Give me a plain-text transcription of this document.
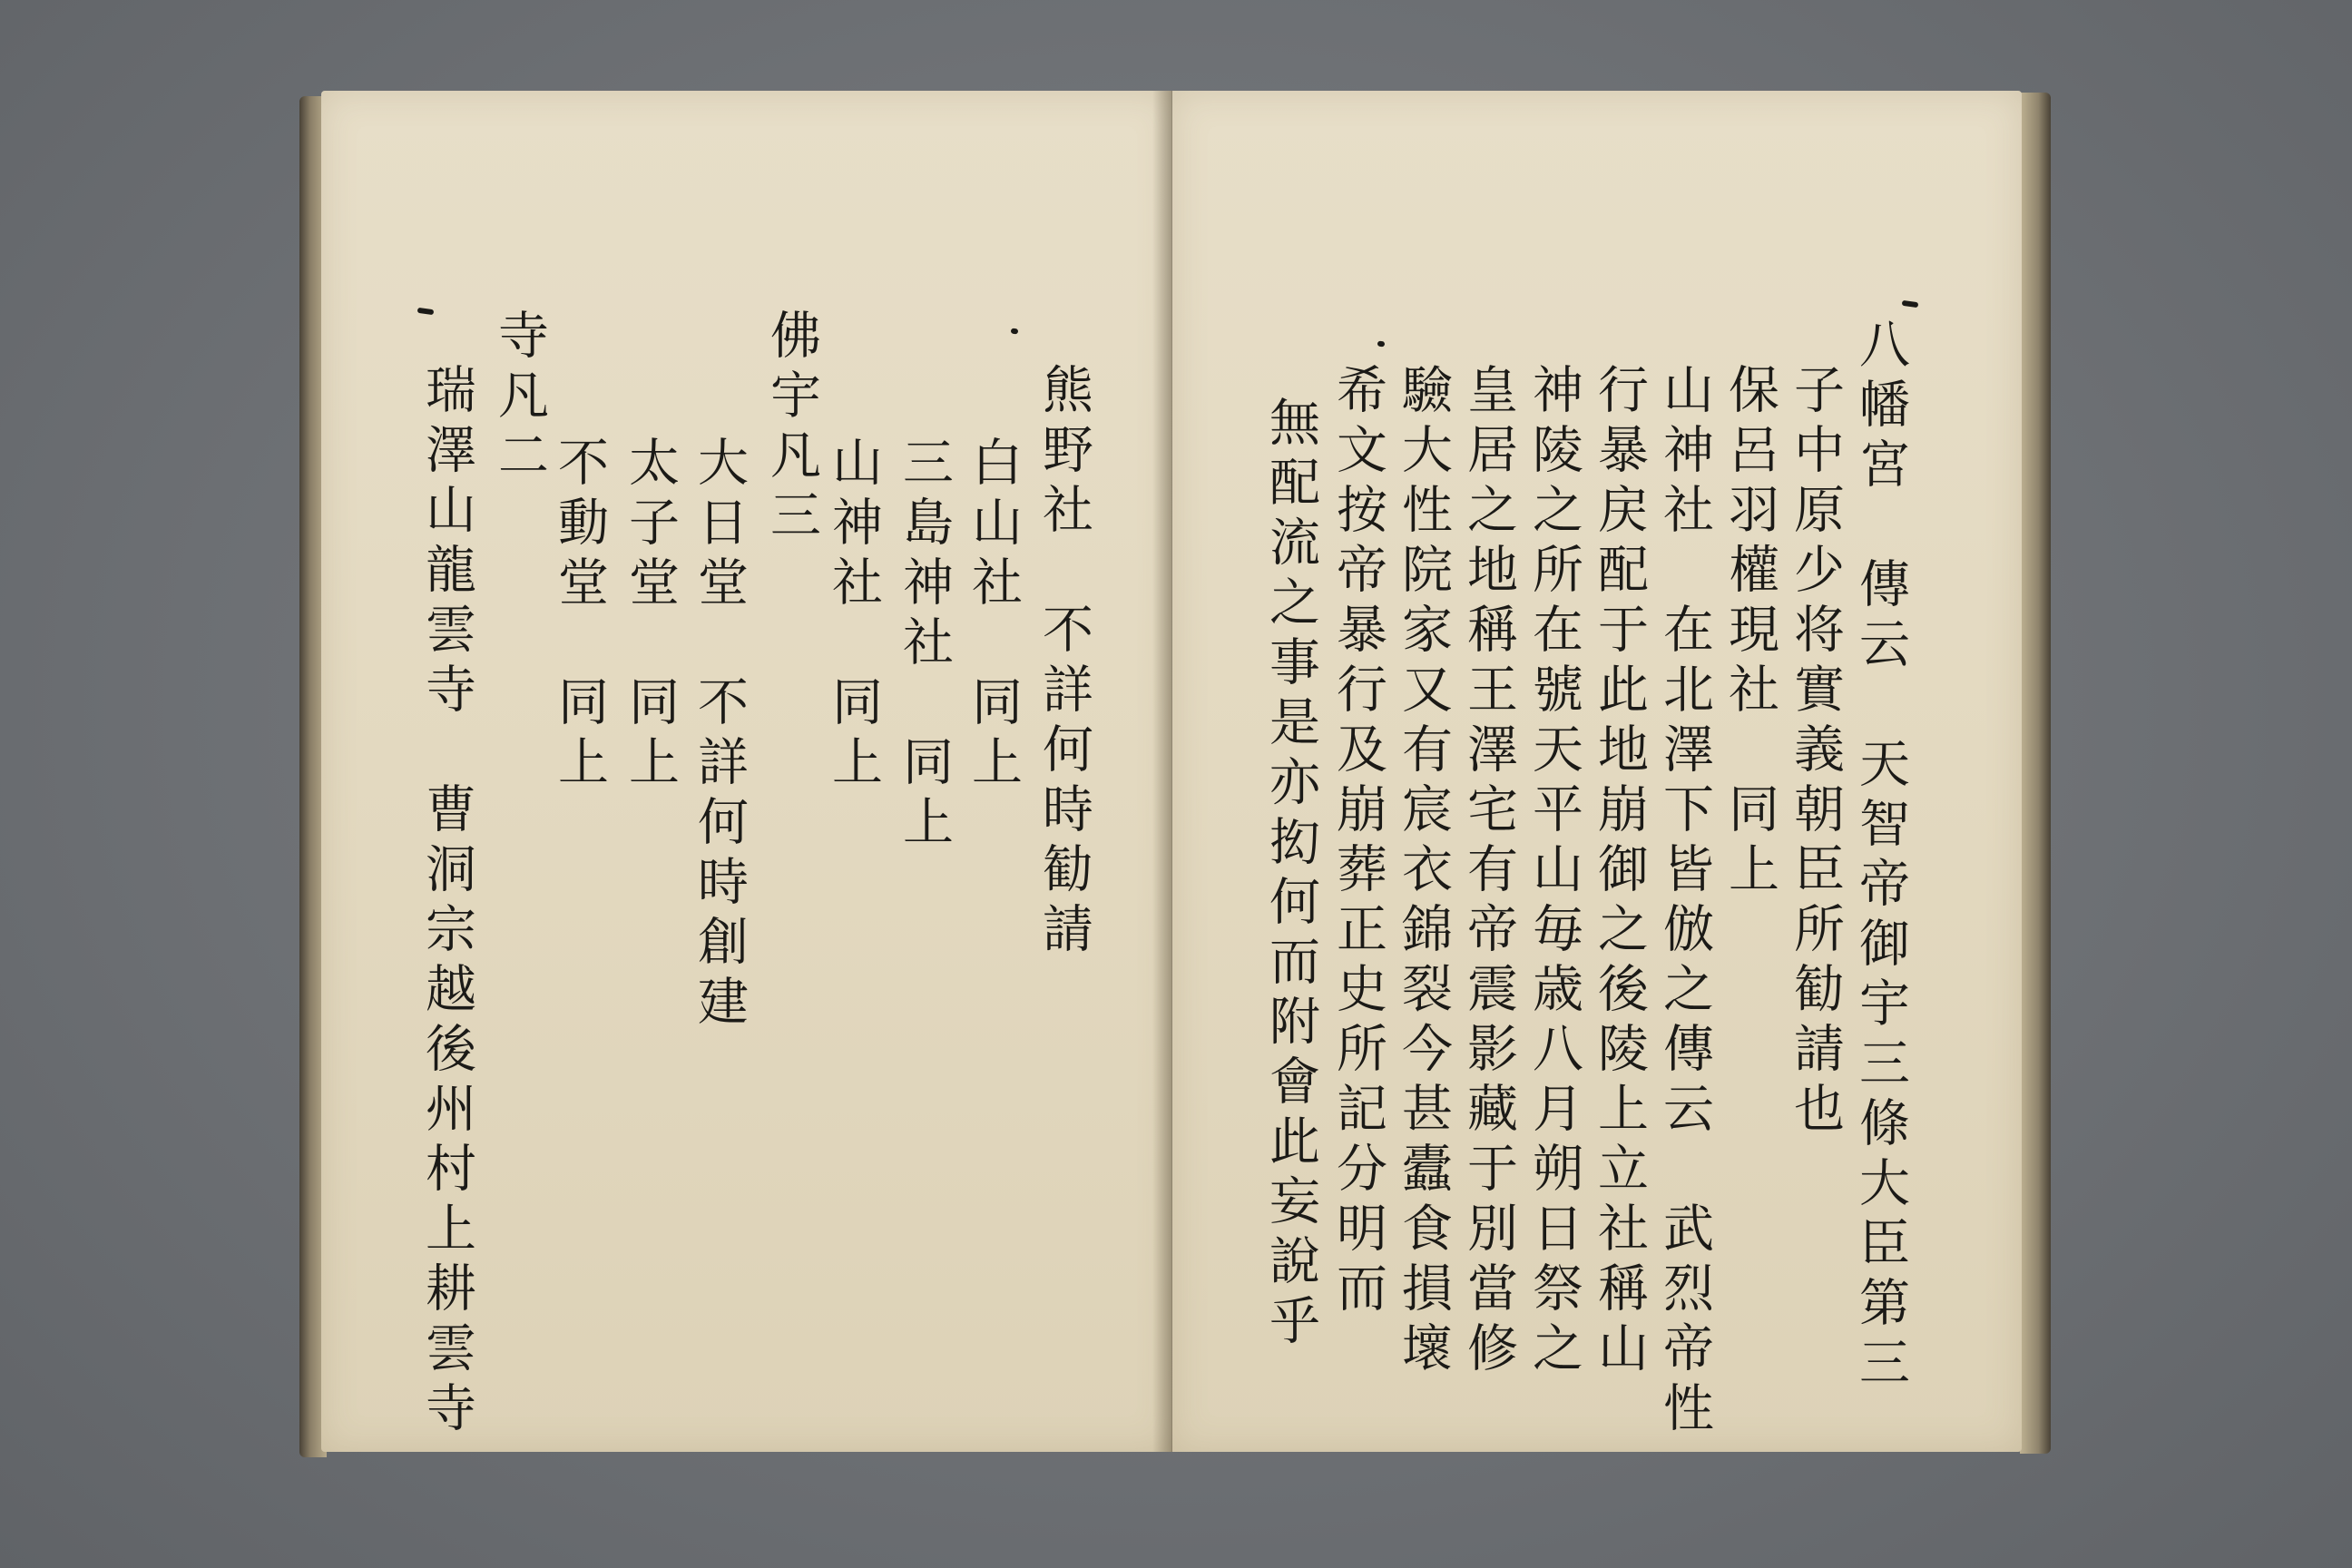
瑞澤山龍雲寺　曹洞宗越後州村上耕雲寺 寺凡二
不動堂　同上 太子堂　同上 大日堂　不詳何時創建
佛宇凡三
山神社　同上 三島神社　同上 白山社　同上 熊野社　不詳何時勧請	無配流之事是亦抝何而附會此妄說乎 希文按帝暴行及崩葬正史所記分明而 驗大性院家又有宸衣錦裂今甚蠹食損壞 皇居之地稱王澤宅有帝震影藏于別當修 神陵之所在號天平山毎歳八月朔日祭之 行暴戻配于此地崩御之後陵上立社稱山 山神社　在北澤下皆倣之傳云　武烈帝性 保呂羽權現社　同上 子中原少将實義朝臣所勧請也 八幡宮　傳云　天智帝御宇三條大臣第三
